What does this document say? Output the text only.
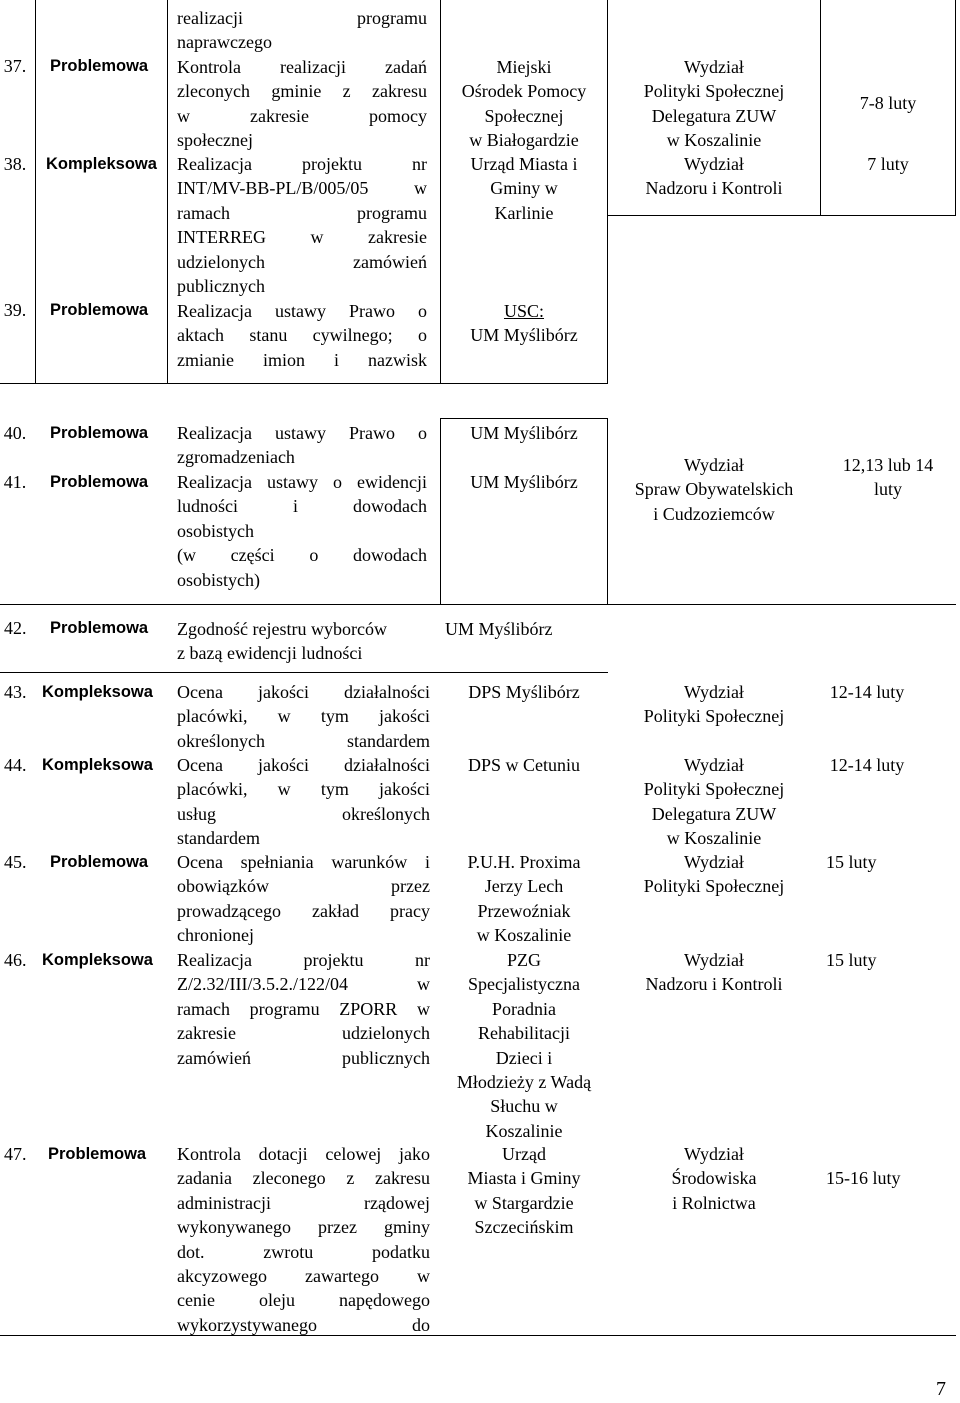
realizacji programu
naprawczego
37. Problemowa Kontrola realizacji zadań
zleconych gminie z zakresu
w zakresie pomocy
społecznej
Miejski
Ośrodek Pomocy
Społecznej
w Białogardzie
Wydział
Polityki Społecznej
Delegatura ZUW
w Koszalinie
7-8 luty
38. Kompleksowa Realizacja projektu nr
INT/MV-BB-PL/B/005/05 w
ramach programu
INTERREG w zakresie
udzielonych zamówień
publicznych
Urząd Miasta i
Gminy w
Karlinie
Wydział
Nadzoru i Kontroli
7 luty
39. Problemowa Realizacja ustawy Prawo o
aktach stanu cywilnego; o
zmianie imion i nazwisk
USC:
UM Myślibórz
40. Problemowa Realizacja ustawy Prawo o
zgromadzeniach
UM Myślibórz
41. Problemowa Realizacja ustawy o ewidencji
ludności i dowodach
osobistych
(w części o dowodach
osobistych)
UM Myślibórz
Wydział
Spraw Obywatelskich
i Cudzoziemców
12,13 lub 14
luty
42. Problemowa Zgodność rejestru wyborców
z bazą ewidencji ludności
UM Myślibórz
43. Kompleksowa Ocena jakości działalności
placówki, w tym jakości
określonych standardem
DPS Myślibórz	Wydział
Polityki Społecznej
12-14 luty
44. Kompleksowa Ocena jakości działalności
placówki, w tym jakości
usług określonych
standardem
DPS w Cetuniu	Wydział
Polityki Społecznej
Delegatura ZUW
w Koszalinie
12-14 luty
45. Problemowa Ocena spełniania warunków i
obowiązków przez
prowadzącego zakład pracy
chronionej
P.U.H. Proxima
Jerzy Lech
Przewoźniak
w Koszalinie
Wydział
Polityki Społecznej
15 luty
46. Kompleksowa Realizacja projektu nr
Z/2.32/III/3.5.2./122/04 w
ramach programu ZPORR w
zakresie udzielonych
zamówień publicznych
PZG
Specjalistyczna
Poradnia
Rehabilitacji
Dzieci i
Młodzieży z Wadą
Słuchu w
Koszalinie
Wydział
Nadzoru i Kontroli
15 luty
47. Problemowa Kontrola dotacji celowej jako
zadania zleconego z zakresu
administracji rządowej
wykonywanego przez gminy
dot. zwrotu podatku
akcyzowego zawartego w
cenie oleju napędowego
wykorzystywanego do
Urząd
Miasta i Gminy
w Stargardzie
Szczecińskim
Wydział
Środowiska
i Rolnictwa
15-16 luty
7
